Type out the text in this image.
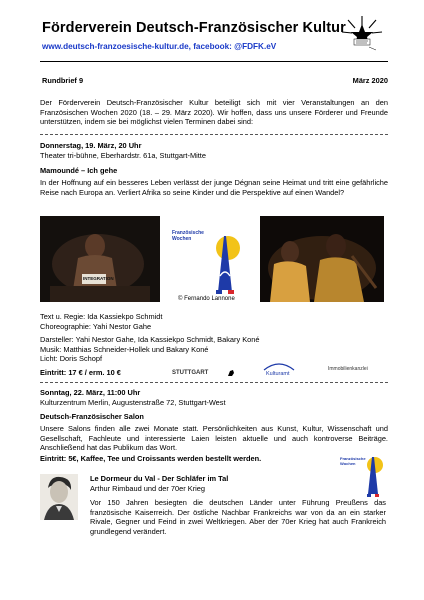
Förderverein Deutsch-Französischer Kultur
www.deutsch-franzoesische-kultur.de, facebook: @FDFK.eV
Rundbrief 9	März 2020
Der Förderverein Deutsch-Französischer Kultur beteiligt sich mit vier Veranstaltungen an den Französischen Wochen 2020 (18. – 29. März 2020). Wir hoffen, dass uns unsere Förderer und Freunde unterstützen, indem sie bei möglichst vielen Terminen dabei sind:
Donnerstag, 19. März, 20 Uhr
Theater tri-bühne, Eberhardstr. 61a, Stuttgart-Mitte
Mamoundé – Ich gehe
In der Hoffnung auf ein besseres Leben verlässt der junge Dégnan seine Heimat und tritt eine gefährliche Reise nach Europa an. Verliert Afrika so seine Kinder und die Perspektive auf einen Wandel?
INTEGRATION
Französische Wochen
© Fernando Lannone
Text u. Regie: Ida Kassiekpo Schmidt
Choreographie: Yahi Nestor Gahe
Darsteller: Yahi Nestor Gahe, Ida Kassiekpo Schmidt, Bakary Koné
Musik: Matthias Schneider-Hollek und Bakary Koné
Licht: Doris Schopf
Eintritt: 17 € / erm. 10 €	STUTTGART	Kulturamt
Immobilienkanzlei
Sonntag, 22. März, 11:00 Uhr
Kulturzentrum Merlin, Augustenstraße 72, Stuttgart-West
Deutsch-Französischer Salon
Unsere Salons finden alle zwei Monate statt. Persönlichkeiten aus Kunst, Kultur, Wissenschaft und Gesellschaft, Fachleute und interessierte Laien leisten aktuelle und auch kontroverse Beiträge. Anschließend hat das Publikum das Wort.
Eintritt: 5€, Kaffee, Tee und Croissants werden bestellt werden.	Französische Wochen
Le Dormeur du Val - Der Schläfer im Tal
Arthur Rimbaud und der 70er Krieg
Vor 150 Jahren besiegten die deutschen Länder unter Führung Preußens das französische Kaiserreich. Der östliche Nachbar Frankreichs war von da an ein starker Rivale, Gegner und Feind in zwei Weltkriegen. Aber der 70er Krieg hat auch Frankreich grundlegend verändert.
